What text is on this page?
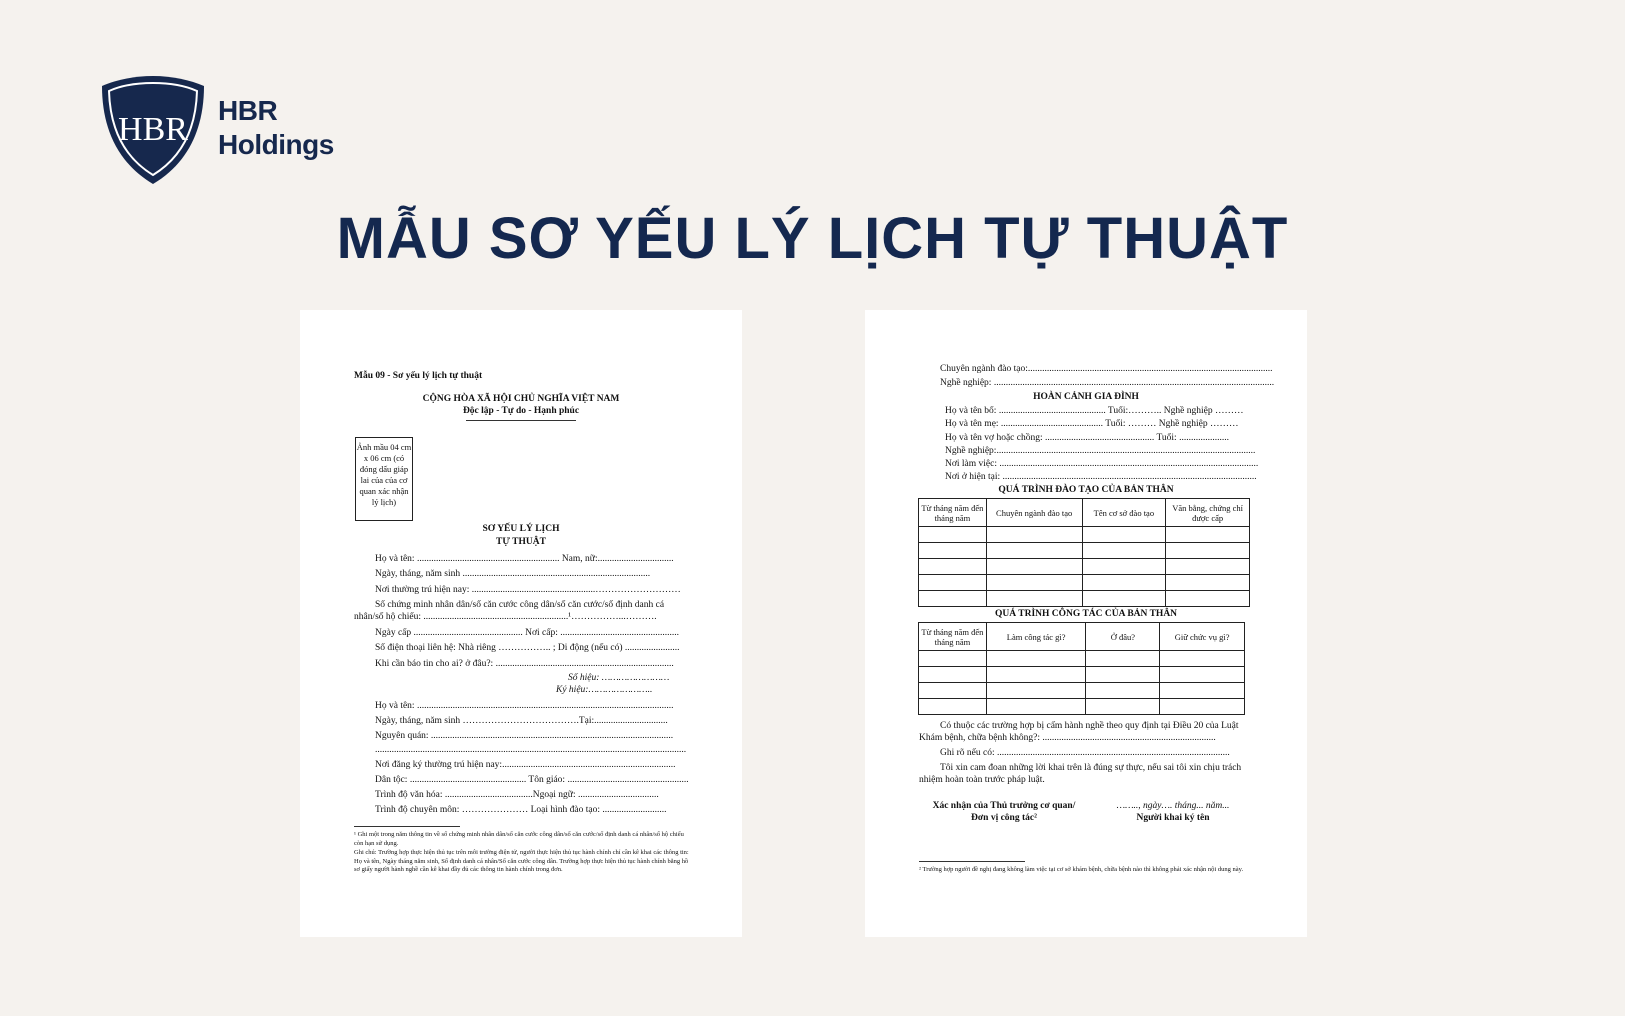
HBR
HBR
Holdings
MẪU SƠ YẾU LÝ LỊCH TỰ THUẬT
Mẫu 09 - Sơ yếu lý lịch tự thuật
CỘNG HÒA XÃ HỘI CHỦ NGHĨA VIỆT NAM
Độc lập - Tự do - Hạnh phúc
Ảnh mầu 04 cm x 06 cm (có đóng dấu giáp lai của của cơ quan xác nhận lý lịch)
SƠ YẾU LÝ LỊCH
TỰ THUẬT
Họ và tên: ............................................................ Nam, nữ:................................
Ngày, tháng, năm sinh ...............................................................................
Nơi thường trú hiện nay: ....................................................………………………
Số chứng minh nhân dân/số căn cước công dân/số căn cước/số định danh cá
nhân/số hộ chiếu: .............................................................¹……………...……….
Ngày cấp .............................................. Nơi cấp: ..................................................
Số điện thoại liên hệ: Nhà riêng …………….. ; Di động (nếu có) .......................
Khi cần báo tin cho ai? ở đâu?: ...........................................................................
Số hiệu: ……………………
Ký hiệu:…………………..
Họ và tên: ............................................................................................................
Ngày, tháng, năm sinh ……………………………….Tại:...............................
Nguyên quán: ......................................................................................................
...................................................................................................................................
Nơi đăng ký thường trú hiện nay:.........................................................................
Dân tộc: ................................................. Tôn giáo: ...................................................
Trình độ văn hóa: .....................................Ngoại ngữ: ..................................
Trình độ chuyên môn: ………………… Loại hình đào tạo: ...........................
¹ Ghi một trong năm thông tin về số chứng minh nhân dân/số căn cước công dân/số căn cước/số định danh cá nhân/số hộ chiếu còn hạn sử dụng.
Ghi chú: Trường hợp thực hiện thủ tục trên môi trường điện tử, người thực hiện thủ tục hành chính chỉ cần kê khai các thông tin: Họ và tên, Ngày tháng năm sinh, Số định danh cá nhân/Số căn cước công dân. Trường hợp thực hiện thủ tục hành chính bằng hồ sơ giấy người hành nghề cần kê khai đầy đủ các thông tin hành chính trong đơn.
Chuyên ngành đào tạo:.......................................................................................................
Nghề nghiệp: ......................................................................................................................
HOÀN CẢNH GIA ĐÌNH
Họ và tên bố: ............................................. Tuổi:……….. Nghề nghiệp ………
Họ và tên mẹ: ........................................... Tuổi: ……… Nghề nghiệp ………
Họ và tên vợ hoặc chồng: .............................................. Tuổi: .....................
Nghề nghiệp:.............................................................................................................
Nơi làm việc: .............................................................................................................
Nơi ở hiện tại: ...........................................................................................................
QUÁ TRÌNH ĐÀO TẠO CỦA BẢN THÂN
Từ tháng năm đến tháng năm	Chuyên ngành đào tạo	Tên cơ sở đào tạo	Văn bằng, chứng chỉ được cấp

QUÁ TRÌNH CÔNG TÁC CỦA BẢN THÂN
Từ tháng năm đến tháng năm	Làm công tác gì?	Ở đâu?	Giữ chức vụ gì?

Có thuộc các trường hợp bị cấm hành nghề theo quy định tại Điều 20 của Luật
Khám bệnh, chữa bệnh không?: .........................................................................
Ghi rõ nếu có: ..................................................................................................
Tôi xin cam đoan những lời khai trên là đúng sự thực, nếu sai tôi xin chịu trách
nhiệm hoàn toàn trước pháp luật.
Xác nhận của Thủ trưởng cơ quan/
Đơn vị công tác²
…….., ngày…. tháng... năm...
Người khai ký tên
² Trường hợp người đề nghị đang không làm việc tại cơ sở khám bệnh, chữa bệnh nào thì không phải xác nhận nội dung này.
